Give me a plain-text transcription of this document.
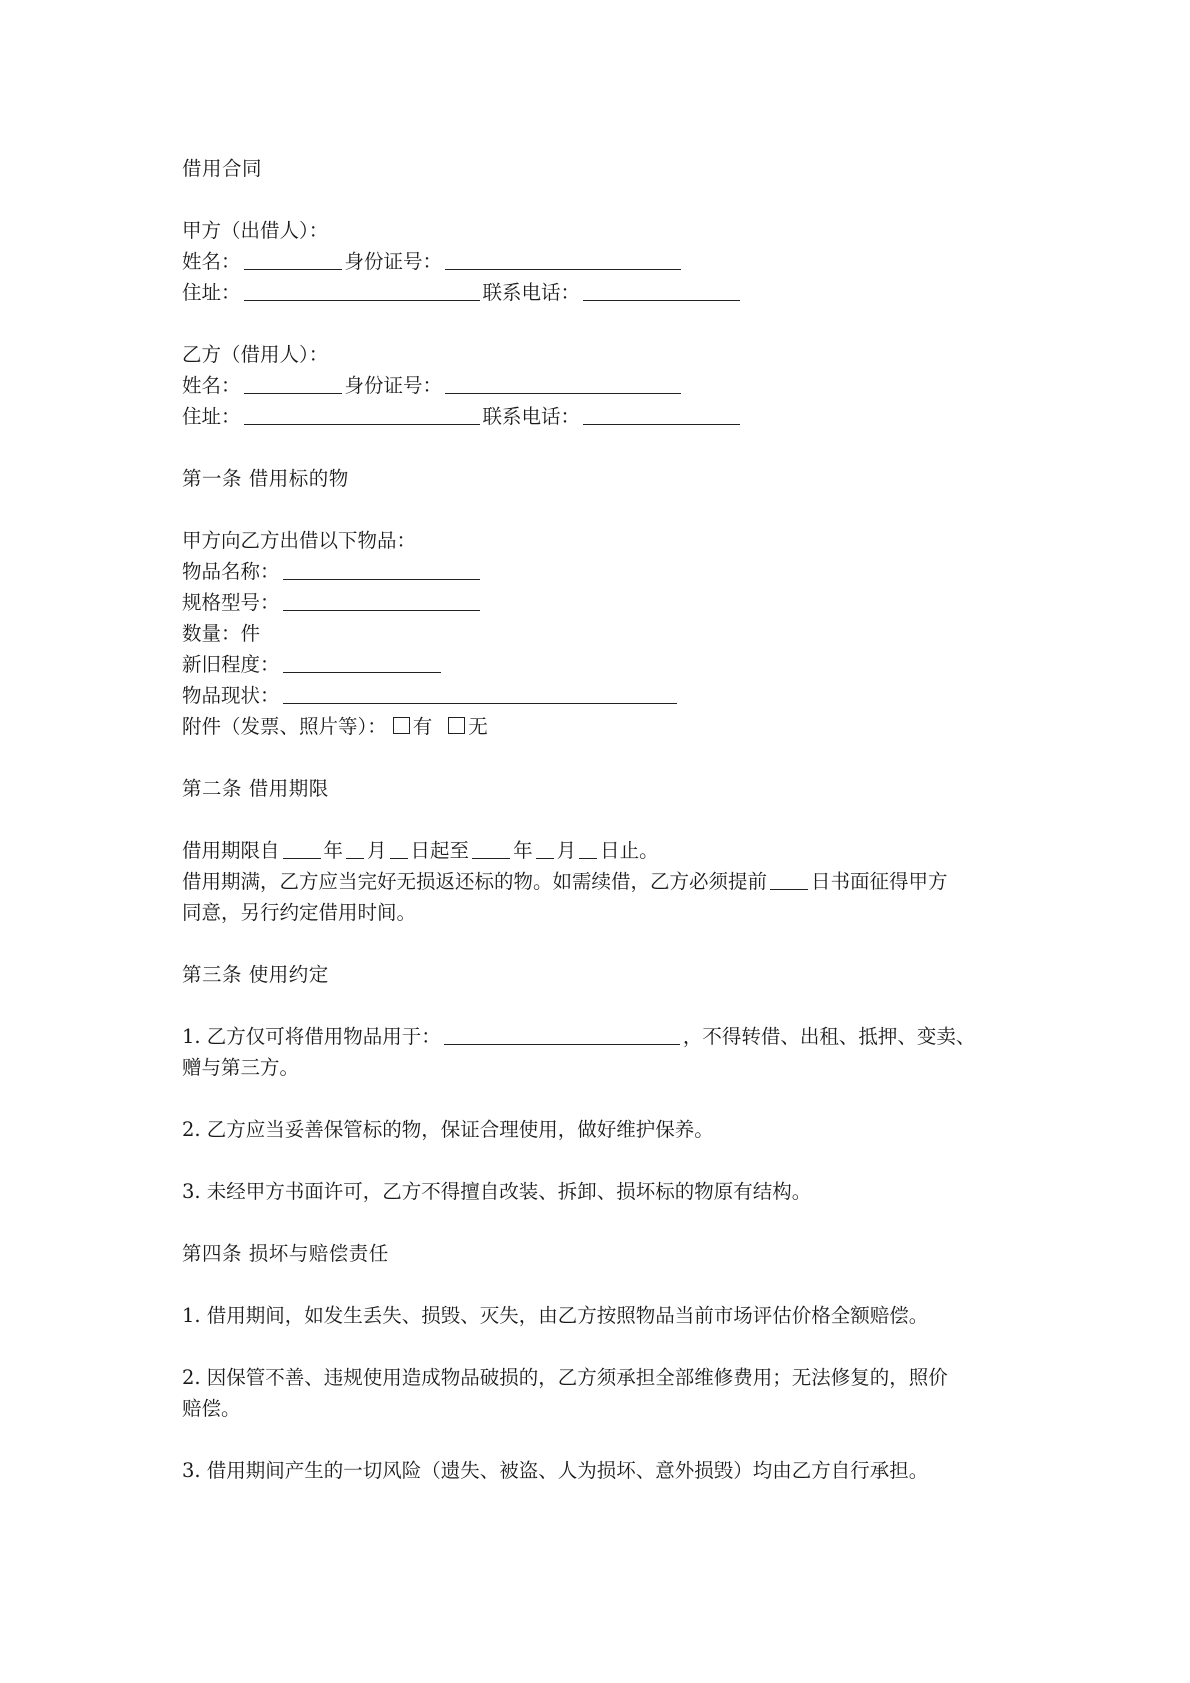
借用合同
甲方（出借人）：
姓名：	身份证号：
住址：	联系电话：
乙方（借用人）：
姓名：	身份证号：
住址：	联系电话：
第一条 借用标的物
甲方向乙方出借以下物品：
物品名称：
规格型号：
数量：件
新旧程度：
物品现状：
附件（发票、照片等）： 有 无
第二条 借用期限
借用期限自 年 月 日起至 年 月 日止。
借用期满，乙方应当完好无损返还标的物。如需续借，乙方必须提前 日书面征得甲方
同意，另行约定借用时间。
第三条 使用约定
1. 乙方仅可将借用物品用于：	，不得转借、出租、抵押、变卖、
赠与第三方。
2. 乙方应当妥善保管标的物，保证合理使用，做好维护保养。
3. 未经甲方书面许可，乙方不得擅自改装、拆卸、损坏标的物原有结构。
第四条 损坏与赔偿责任
1. 借用期间，如发生丢失、损毁、灭失，由乙方按照物品当前市场评估价格全额赔偿。
2. 因保管不善、违规使用造成物品破损的，乙方须承担全部维修费用；无法修复的，照价
赔偿。
3. 借用期间产生的一切风险（遗失、被盗、人为损坏、意外损毁）均由乙方自行承担。
